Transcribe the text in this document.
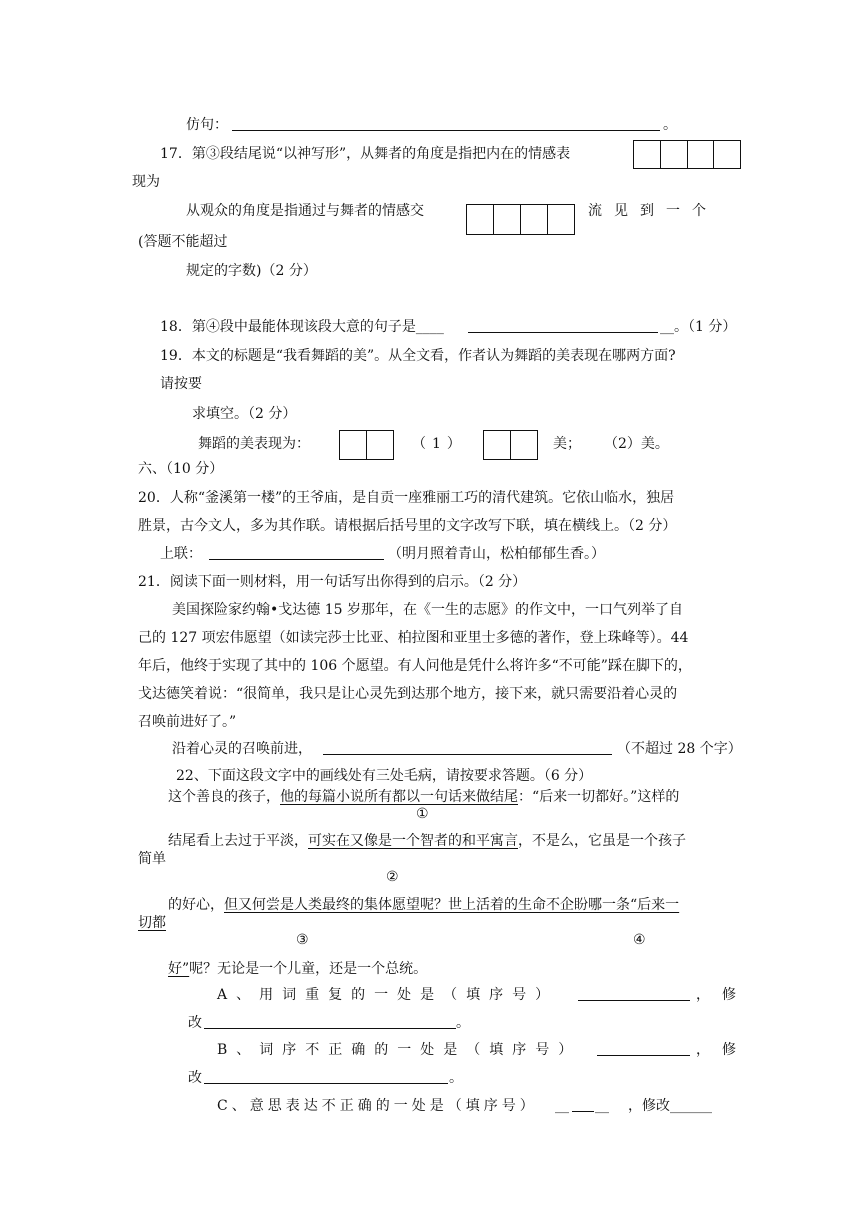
仿句：	。
17．第③段结尾说“以神写形”，从舞者的角度是指把内在的情感表
现为
从观众的角度是指通过与舞者的情感交	流见到一个
(答题不能超过
规定的字数)（2 分）
18．第④段中最能体现该段大意的句子是____	__。（1 分）
19．本文的标题是“我看舞蹈的美”。从全文看，作者认为舞蹈的美表现在哪两方面?
请按要
求填空。（2 分）
舞蹈的美表现为：	（1）	美； （2）美。
六、（10 分）
20．人称“釜溪第一楼”的王爷庙，是自贡一座雅丽工巧的清代建筑。它依山临水，独居
胜景，古今文人，多为其作联。请根据后括号里的文字改写下联，填在横线上。（2 分）
上联：	（明月照着青山，松柏郁郁生香。）
21．阅读下面一则材料，用一句话写出你得到的启示。（2 分）
美国探险家约翰•戈达德 15 岁那年，在《一生的志愿》的作文中，一口气列举了自
己的 127 项宏伟愿望（如读完莎士比亚、柏拉图和亚里士多德的著作，登上珠峰等）。44
年后，他终于实现了其中的 106 个愿望。有人问他是凭什么将许多“不可能”踩在脚下的，
戈达德笑着说：“很简单，我只是让心灵先到达那个地方，接下来，就只需要沿着心灵的
召唤前进好了。”
沿着心灵的召唤前进，	（不超过 28 个字）
22、下面这段文字中的画线处有三处毛病，请按要求答题。（6 分）
这个善良的孩子，他的每篇小说所有都以一句话来做结尾：“后来一切都好。”这样的
①
结尾看上去过于平淡，可实在又像是一个智者的和平寓言，不是么，它虽是一个孩子
简单
②
的好心，但又何尝是人类最终的集体愿望呢？世上活着的生命不企盼哪一条“后来一
切都
③	④
好”呢？无论是一个儿童，还是一个总统。
A、用词重复的一处是（填序号）	，修
改	。
B、词序不正确的一处是（填序号）	，修
改	。
C、意思表达不正确的一处是（填序号） __ __ ，修改______
